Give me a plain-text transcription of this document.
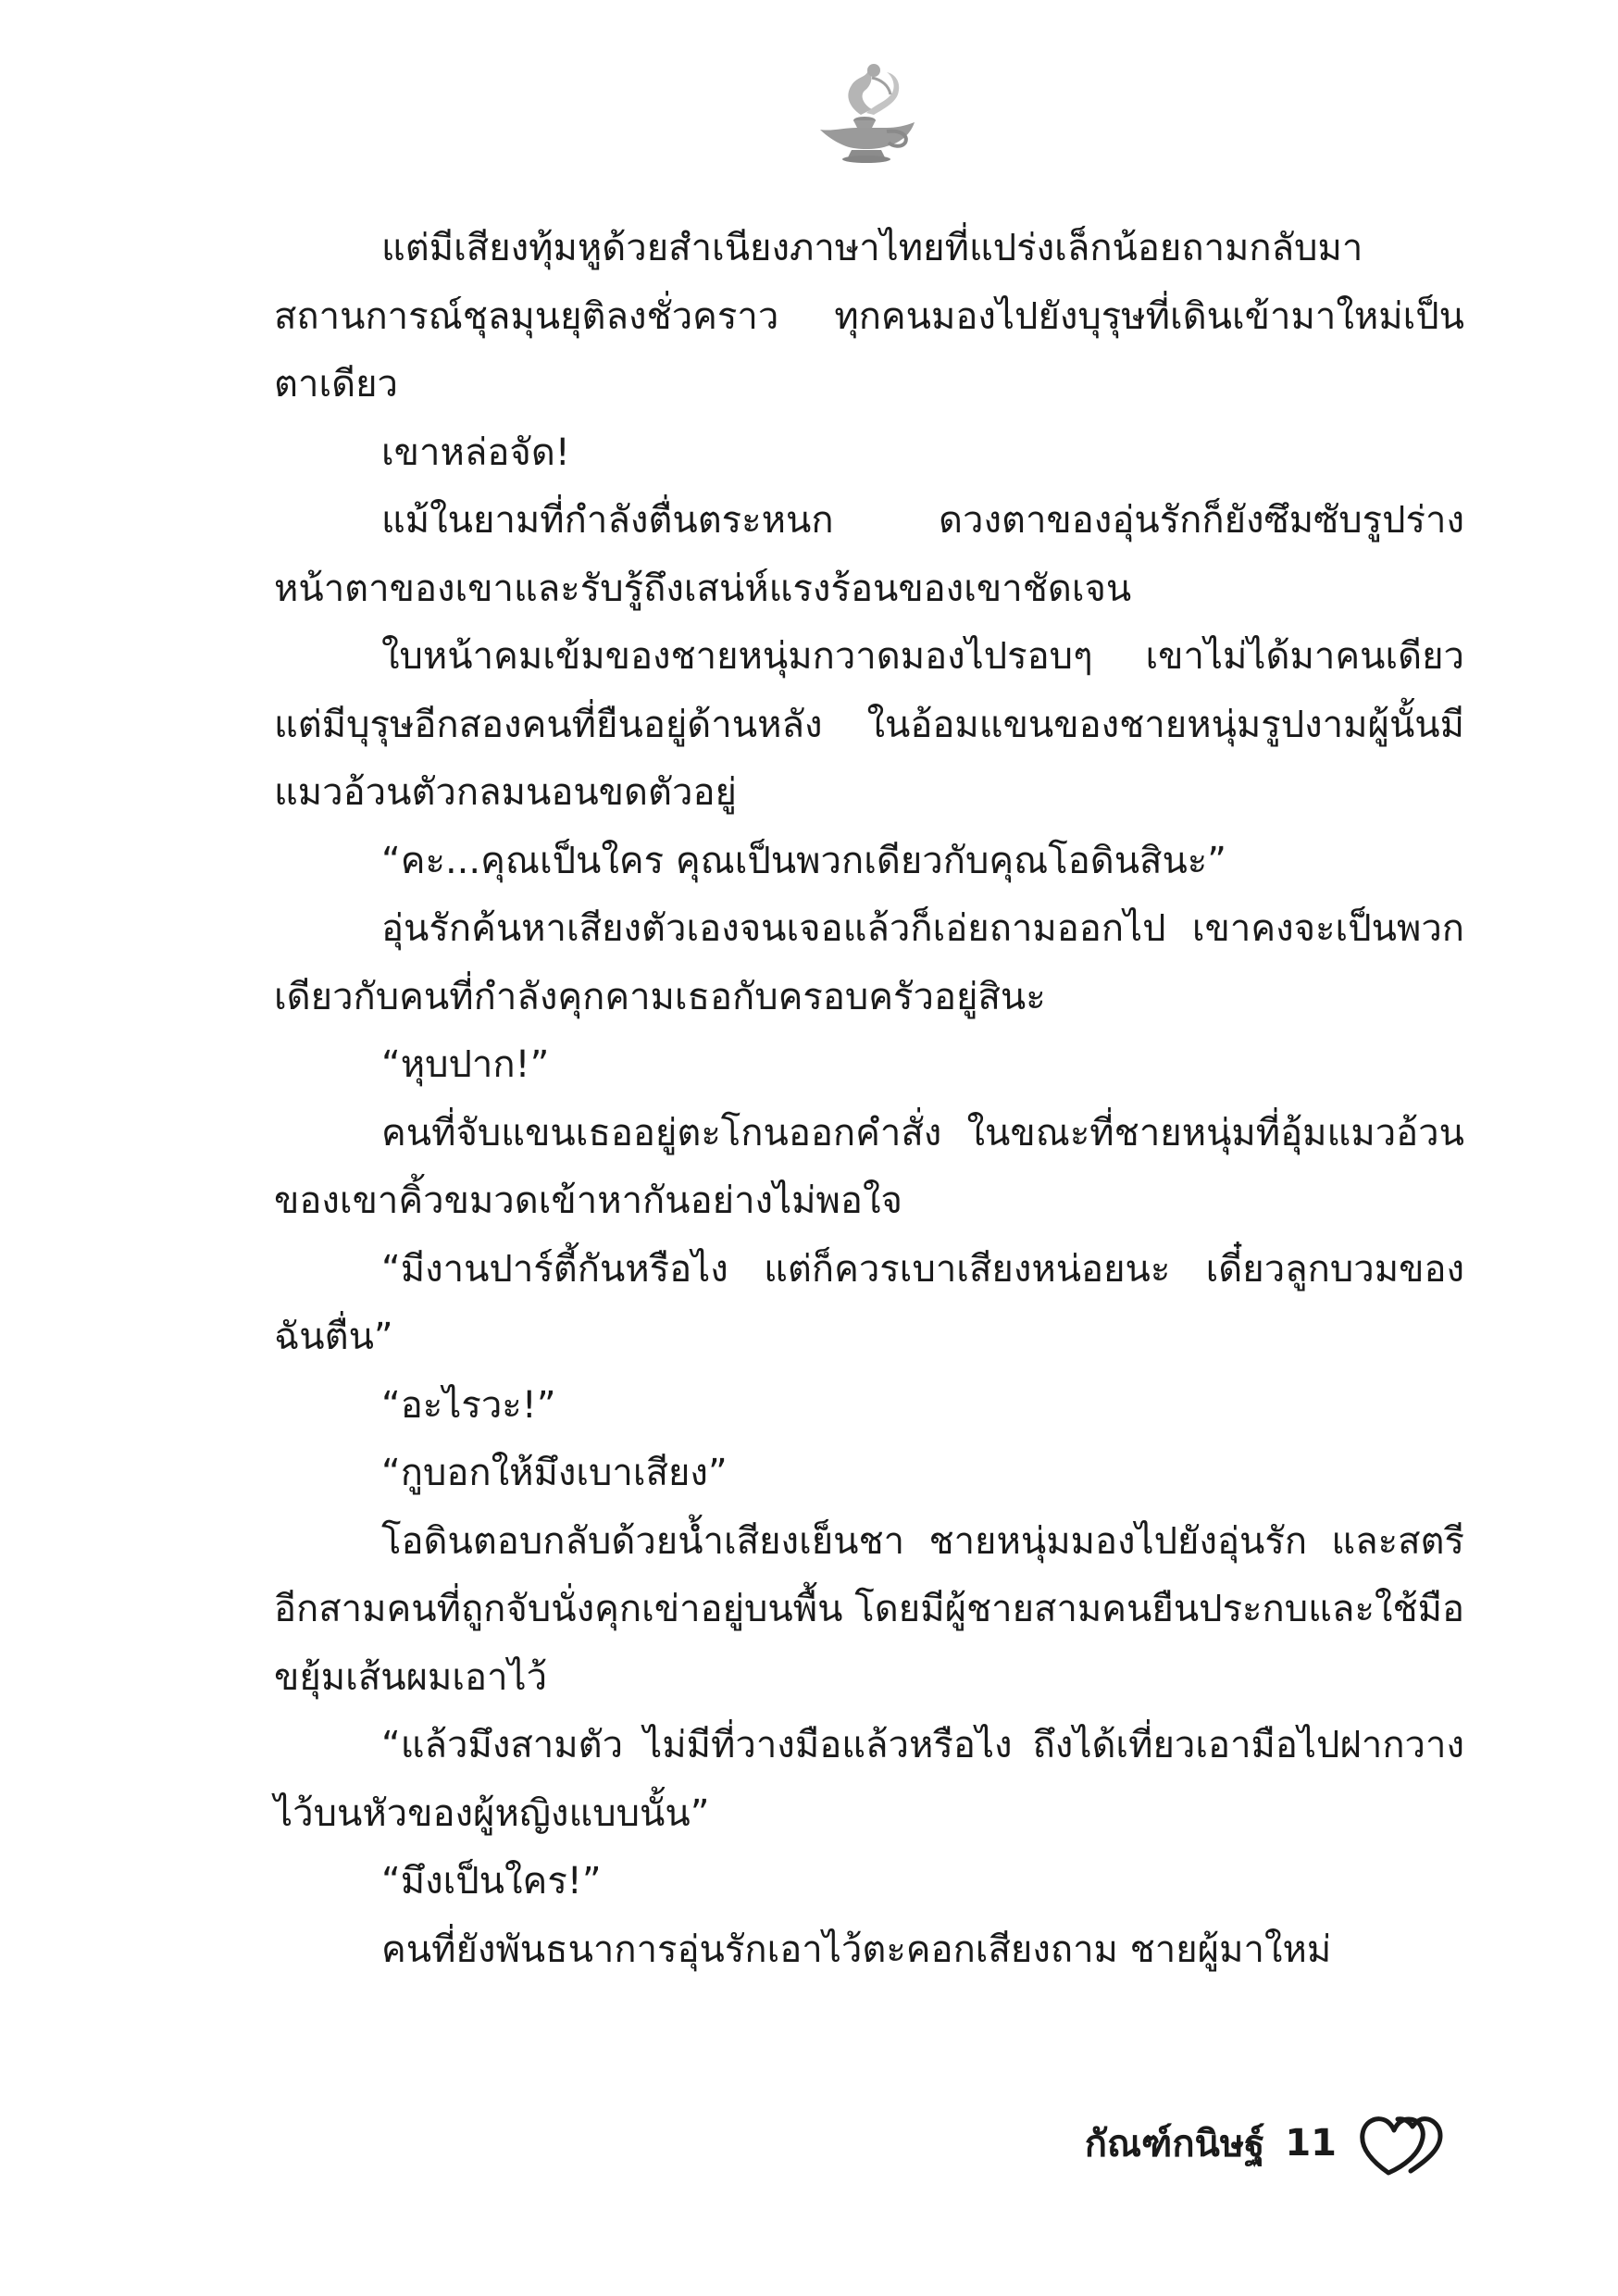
แต่มีเสียงทุ้มหูด้วยสำเนียงภาษาไทยที่แปร่งเล็กน้อยถามกลับมา สถานการณ์ชุลมุนยุติลงชั่วคราว ทุกคนมองไปยังบุรุษที่เดินเข้ามาใหม่เป็นตาเดียว

เขาหล่อจัด!

แม้ในยามที่กำลังตื่นตระหนก ดวงตาของอุ่นรักก็ยังซึมซับรูปร่างหน้าตาของเขาและรับรู้ถึงเสน่ห์แรงร้อนของเขาชัดเจน

ใบหน้าคมเข้มของชายหนุ่มกวาดมองไปรอบๆ เขาไม่ได้มาคนเดียว แต่มีบุรุษอีกสองคนที่ยืนอยู่ด้านหลัง ในอ้อมแขนของชายหนุ่มรูปงามผู้นั้นมีแมวอ้วนตัวกลมนอนขดตัวอยู่

“คะ...คุณเป็นใคร คุณเป็นพวกเดียวกับคุณโอดินสินะ”

อุ่นรักค้นหาเสียงตัวเองจนเจอแล้วก็เอ่ยถามออกไป เขาคงจะเป็นพวกเดียวกับคนที่กำลังคุกคามเธอกับครอบครัวอยู่สินะ

“หุบปาก!”

คนที่จับแขนเธออยู่ตะโกนออกคำสั่ง ในขณะที่ชายหนุ่มที่อุ้มแมวอ้วนของเขาคิ้วขมวดเข้าหากันอย่างไม่พอใจ

“มีงานปาร์ตี้กันหรือไง แต่ก็ควรเบาเสียงหน่อยนะ เดี๋ยวลูกบวมของฉันตื่น”

“อะไรวะ!”

“กูบอกให้มึงเบาเสียง”

โอดินตอบกลับด้วยน้ำเสียงเย็นชา ชายหนุ่มมองไปยังอุ่นรัก และสตรีอีกสามคนที่ถูกจับนั่งคุกเข่าอยู่บนพื้น โดยมีผู้ชายสามคนยืนประกบและใช้มือขยุ้มเส้นผมเอาไว้

“แล้วมึงสามตัว ไม่มีที่วางมือแล้วหรือไง ถึงได้เที่ยวเอามือไปฝากวางไว้บนหัวของผู้หญิงแบบนั้น”

“มึงเป็นใคร!”

คนที่ยังพันธนาการอุ่นรักเอาไว้ตะคอกเสียงถาม ชายผู้มาใหม่

กัณฑ์กนิษฐ์ 11
